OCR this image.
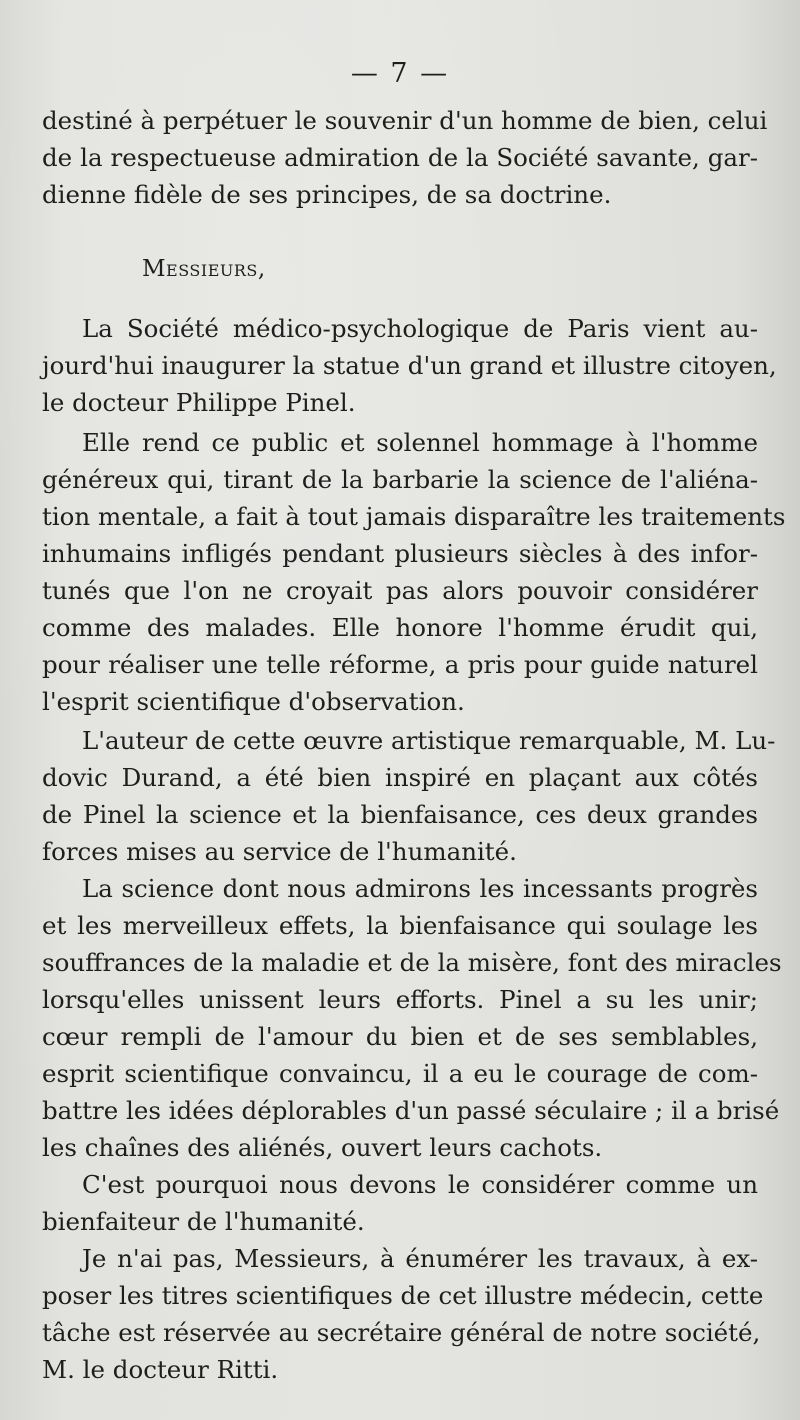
— 7 —
destiné à perpétuer le souvenir d'un homme de bien, celui
de la respectueuse admiration de la Société savante, gar-
dienne fidèle de ses principes, de sa doctrine.
Messieurs,
La Société médico-psychologique de Paris vient au-
jourd'hui inaugurer la statue d'un grand et illustre citoyen,
le docteur Philippe Pinel.
Elle rend ce public et solennel hommage à l'homme
généreux qui, tirant de la barbarie la science de l'aliéna-
tion mentale, a fait à tout jamais disparaître les traitements
inhumains infligés pendant plusieurs siècles à des infor-
tunés que l'on ne croyait pas alors pouvoir considérer
comme des malades. Elle honore l'homme érudit qui,
pour réaliser une telle réforme, a pris pour guide naturel
l'esprit scientifique d'observation.
L'auteur de cette œuvre artistique remarquable, M. Lu-
dovic Durand, a été bien inspiré en plaçant aux côtés
de Pinel la science et la bienfaisance, ces deux grandes
forces mises au service de l'humanité.
La science dont nous admirons les incessants progrès
et les merveilleux effets, la bienfaisance qui soulage les
souffrances de la maladie et de la misère, font des miracles
lorsqu'elles unissent leurs efforts. Pinel a su les unir;
cœur rempli de l'amour du bien et de ses semblables,
esprit scientifique convaincu, il a eu le courage de com-
battre les idées déplorables d'un passé séculaire ; il a brisé
les chaînes des aliénés, ouvert leurs cachots.
C'est pourquoi nous devons le considérer comme un
bienfaiteur de l'humanité.
Je n'ai pas, Messieurs, à énumérer les travaux, à ex-
poser les titres scientifiques de cet illustre médecin, cette
tâche est réservée au secrétaire général de notre société,
M. le docteur Ritti.
